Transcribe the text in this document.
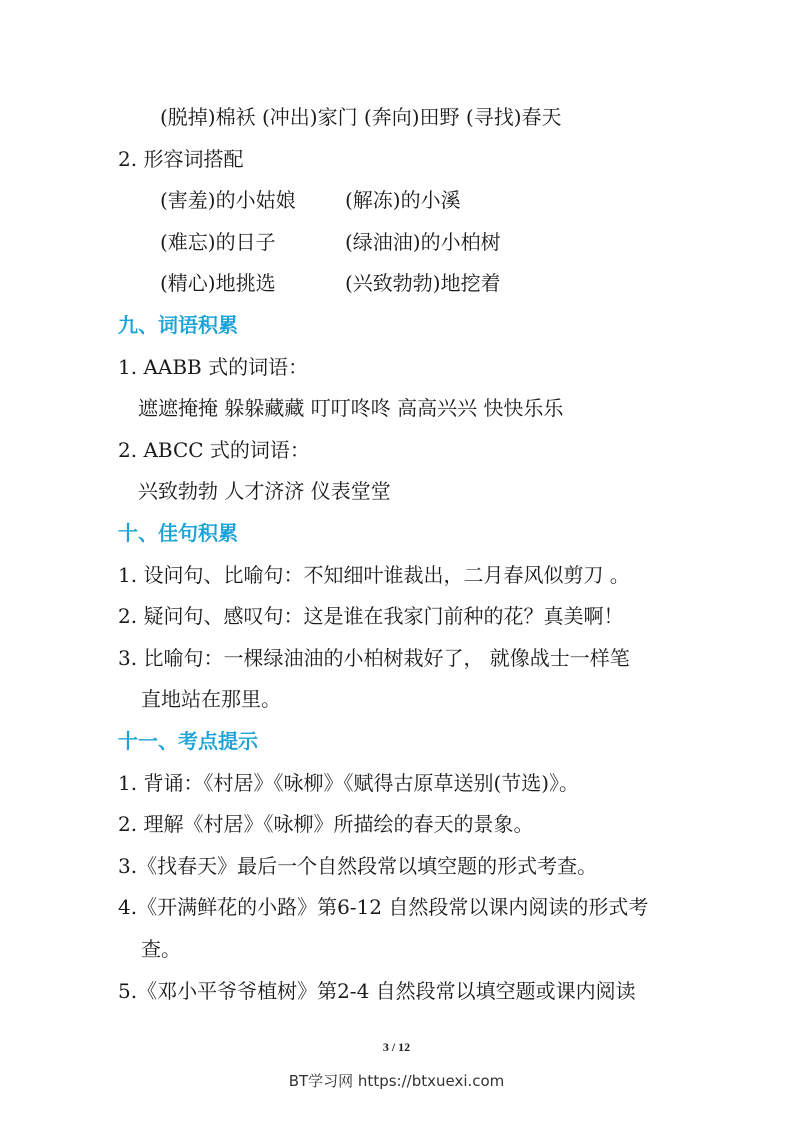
(脱掉)棉袄 (冲出)家门 (奔向)田野 (寻找)春天
2. 形容词搭配
(害羞)的小姑娘 (解冻)的小溪
(难忘)的日子	(绿油油)的小柏树
(精心)地挑选	(兴致勃勃)地挖着
九、词语积累
1. AABB 式的词语：
遮遮掩掩 躲躲藏藏 叮叮咚咚 高高兴兴 快快乐乐
2. ABCC 式的词语：
兴致勃勃 人才济济 仪表堂堂
十、佳句积累
1. 设问句、比喻句：不知细叶谁裁出，二月春风似剪刀 。
2. 疑问句、感叹句：这是谁在我家门前种的花？真美啊！
3. 比喻句：一棵绿油油的小柏树栽好了， 就像战士一样笔
直地站在那里。
十一、考点提示
1. 背诵：《村居》《咏柳》《赋得古原草送别(节选)》。
2. 理解《村居》《咏柳》所描绘的春天的景象。
3.《找春天》最后一个自然段常以填空题的形式考查。
4.《开满鲜花的小路》第6-12 自然段常以课内阅读的形式考
查。
5.《邓小平爷爷植树》第2-4 自然段常以填空题或课内阅读
3 / 12
BT学习网 https://btxuexi.com
